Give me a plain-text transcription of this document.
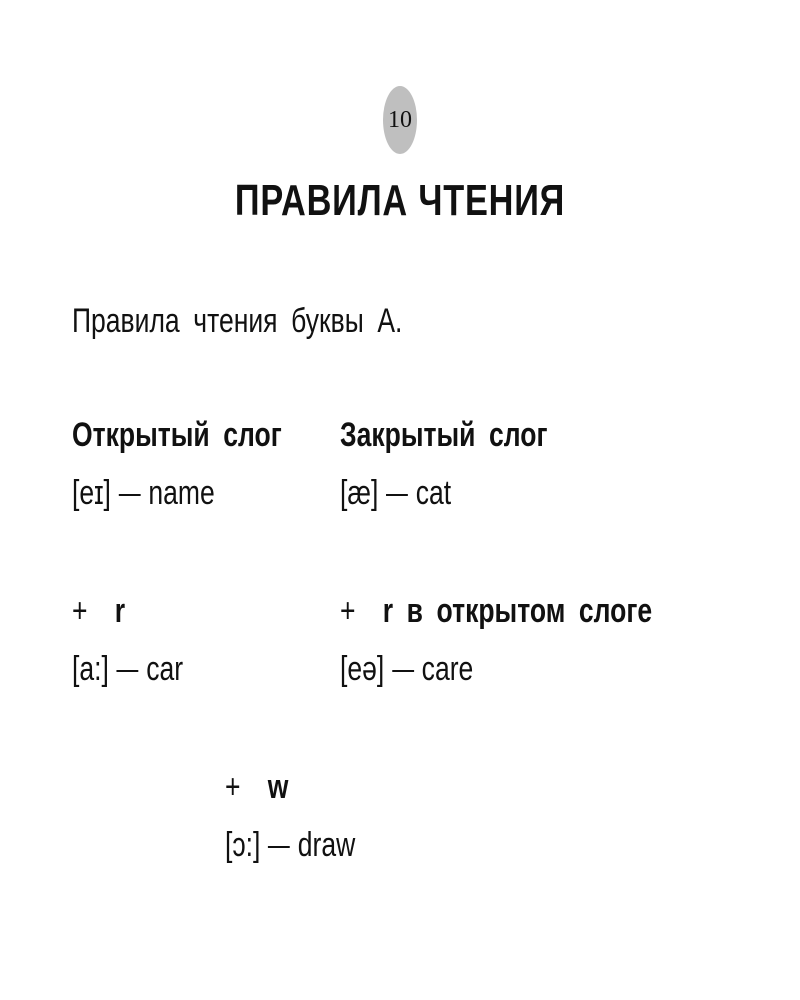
10
ПРАВИЛА ЧТЕНИЯ
Правила чтения буквы А.
Открытый слог
[eɪ] name
Закрытый слог
[æ] cat
+ r
[a:] car
+ r в открытом слоге
[eə] care
+ w
[ɔ:] draw
